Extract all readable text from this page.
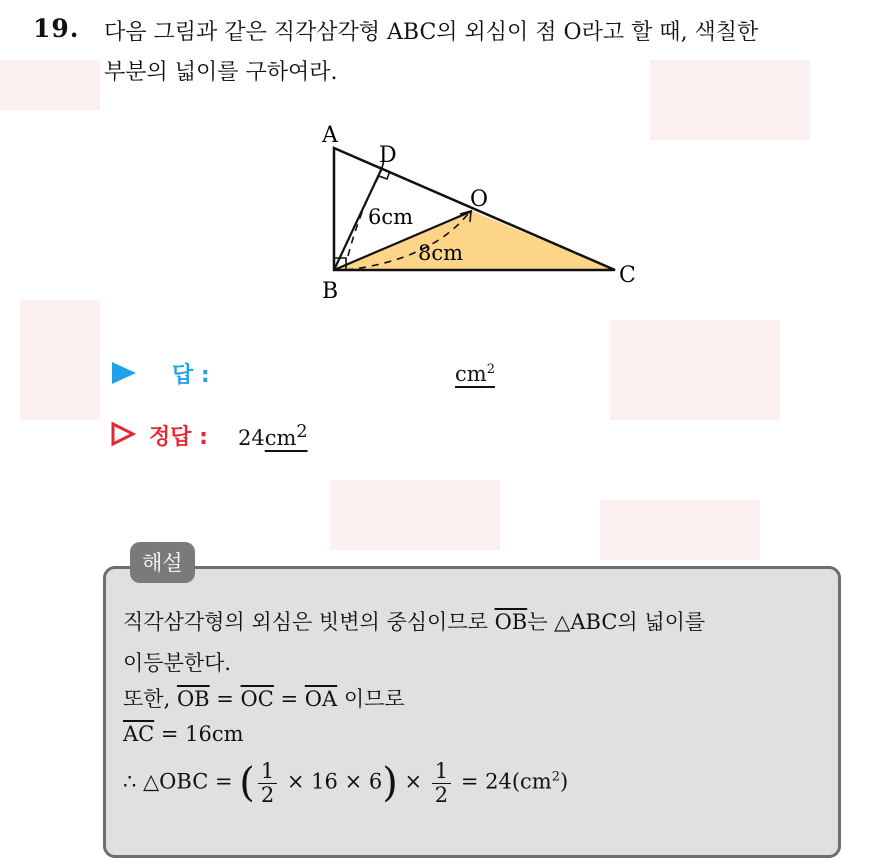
19. 다음 그림과 같은 직각삼각형 ABC의 외심이 점 O라고 할 때, 색칠한
부분의 넓이를 구하여라.
A
B
C
D
O
6cm
8cm
답 :	$cm^2$
정답 : $24cm^2$
해설
직각삼각형의 외심은 빗변의 중심이므로 $\overline{OB}$는 △ABC의 넓이를
이등분한다.
또한, $\overline{OB} = \overline{OC} = \overline{OA}$ 이므로
$\overline{AC} = 16cm$
∴ △OBC = ( $\frac{1}{2} \times 16 \times 6) \times \frac{1}{2} = 24(cm^2)$
